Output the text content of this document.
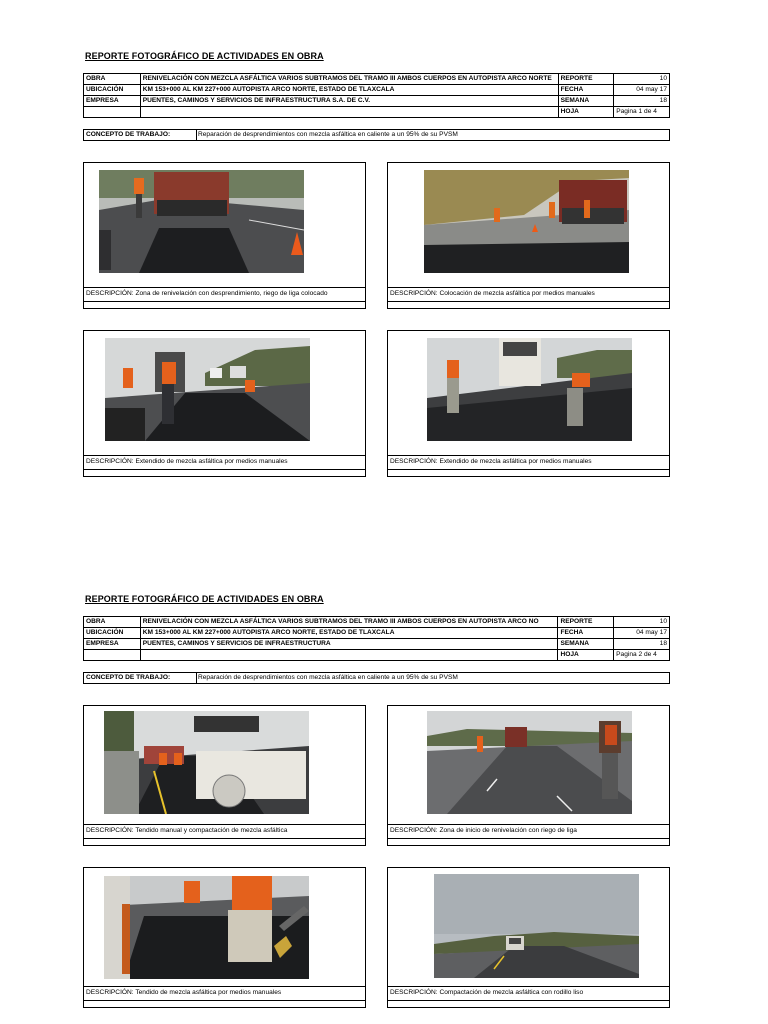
REPORTE FOTOGRÁFICO DE ACTIVIDADES EN OBRA
OBRA	RENIVELACIÓN CON MEZCLA ASFÁLTICA VARIOS SUBTRAMOS DEL TRAMO III AMBOS CUERPOS EN AUTOPISTA ARCO NORTE	REPORTE	10
UBICACIÓN	KM 153+000 AL KM 227+000 AUTOPISTA ARCO NORTE, ESTADO DE TLAXCALA	FECHA	04 may 17
EMPRESA	PUENTES, CAMINOS Y SERVICIOS DE INFRAESTRUCTURA S.A. DE C.V.	SEMANA	18
		HOJA	Pagina 1 de 4
CONCEPTO DE TRABAJO:	Reparación de desprendimientos con mezcla asfáltica en caliente a un 95% de su PVSM
DESCRIPCIÓN: Zona de renivelación con desprendimiento, riego de liga colocado	DESCRIPCIÓN: Colocación de mezcla asfáltica por medios manuales
DESCRIPCIÓN: Extendido de mezcla asfáltica por medios manuales	DESCRIPCIÓN: Extendido de mezcla asfáltica por medios manuales
REPORTE FOTOGRÁFICO DE ACTIVIDADES EN OBRA
OBRA	RENIVELACIÓN CON MEZCLA ASFÁLTICA VARIOS SUBTRAMOS DEL TRAMO III AMBOS CUERPOS EN AUTOPISTA ARCO NO	REPORTE	10
UBICACIÓN	KM 153+000 AL KM 227+000 AUTOPISTA ARCO NORTE, ESTADO DE TLAXCALA	FECHA	04 may 17
EMPRESA	PUENTES, CAMINOS Y SERVICIOS DE INFRAESTRUCTURA	SEMANA	18
		HOJA	Pagina 2 de 4
CONCEPTO DE TRABAJO:	Reparación de desprendimientos con mezcla asfáltica en caliente a un 95% de su PVSM
DESCRIPCIÓN: Tendido manual y compactación de mezcla asfáltica	DESCRIPCIÓN: Zona de inicio de renivelación con riego de liga
DESCRIPCIÓN: Tendido de mezcla asfáltica por medios manuales	DESCRIPCIÓN: Compactación de mezcla asfáltica con rodillo liso
